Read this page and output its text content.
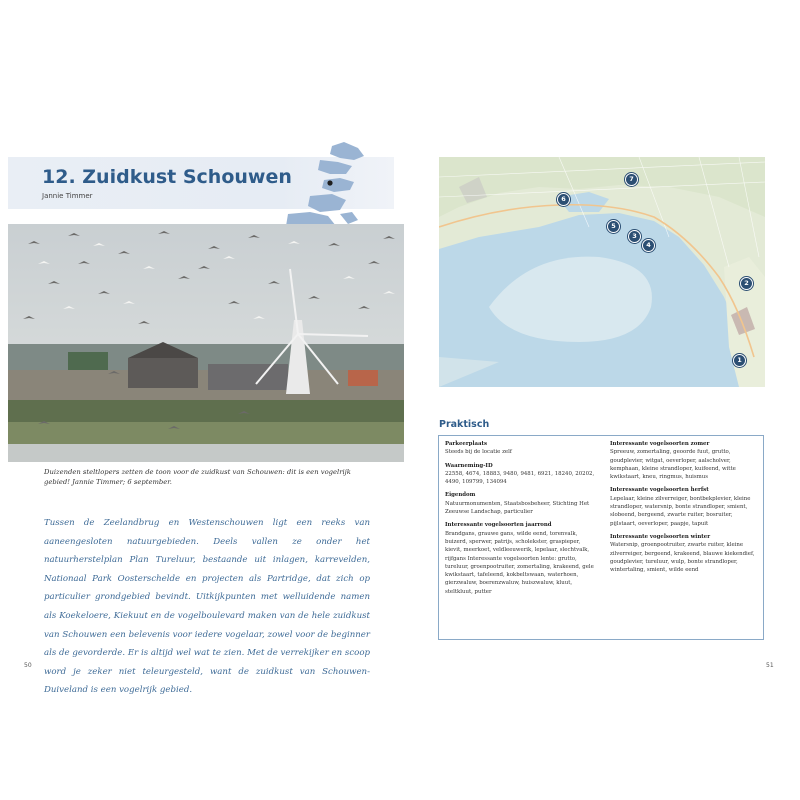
12. Zuidkust Schouwen
Jannie Timmer
Duizenden steltlopers zetten de toon voor de zuidkust van Schouwen: dit is een vogelrijk gebied! Jannie Timmer; 6 september.
Tussen de Zeelandbrug en Westenschouwen ligt een reeks van aaneengesloten natuurgebieden. Deels vallen ze onder het natuurherstelplan Plan Tureluur, bestaande uit inlagen, karrevelden, Nationaal Park Oosterschelde en projecten als Partridge, dat zich op particulier grondgebied bevindt. Uitkijkpunten met welluidende namen als Koekeloere, Kiekuut en de vogelboulevard maken van de hele zuidkust van Schouwen een belevenis voor iedere vogelaar, zowel voor de beginner als de gevorderde. Er is altijd wel wat te zien. Met de verrekijker en scoop word je zeker niet teleurgesteld, want de zuidkust van Schouwen-Duiveland is een vogelrijk gebied.
50
7
6
5
3
4
2
1
Praktisch

Parkeerplaats

Steeds bij de locatie zelf

Waarneming-ID

22558, 4674, 18883, 9480, 9481, 6921, 18240, 20202, 4490, 109799, 134094

Eigendom

Natuurmonumenten, Staatsbosbeheer, Stichting Het Zeeuwse Landschap, particulier

Interessante vogelsoorten jaarrond

Brandgans, grauwe gans, wilde eend, torenvalk, buizerd, sperwer, patrijs, scholekster, graspieper, kievit, meerkoet, veldleeuwerik, lepelaar, slechtvalk, rijfgans Interessante vogelsoorten lente: grutto, tureluur, groenpootruiter, zomertaling, krakeend, gele kwikstaart, tafeleend, kokbeltswaan, waterhoen, gierzwaluw, boerenzwaluw, huiszwaluw, kluut, steltkluut, putter

Interessante vogelsoorten zomer

Spreeuw, zomertaling, geoorde fuut, grutto, goudplevier, witgat, oeverloper, aalscholver, kemphaan, kleine strandloper, kuifeend, witte kwikstaart, kneu, ringmus, huismus

Interessante vogelsoorten herfst

Lepelaar, kleine zilverreiger, bontbekplevier, kleine strandloper, watersnip, bonte strandloper, smient, slobeend, bergeend, zwarte ruiter, bosruiter, pijlstaart, oeverloper, paapje, tapuit

Interessante vogelsoorten winter

Watersnip, groenpootruiter, zwarte ruiter, kleine zilverreiger, bergeend, krakeend, blauwe kiekendief, goudplevier, tureluur, wulp, bonte strandloper, wintertaling, smient, wilde eend

51
